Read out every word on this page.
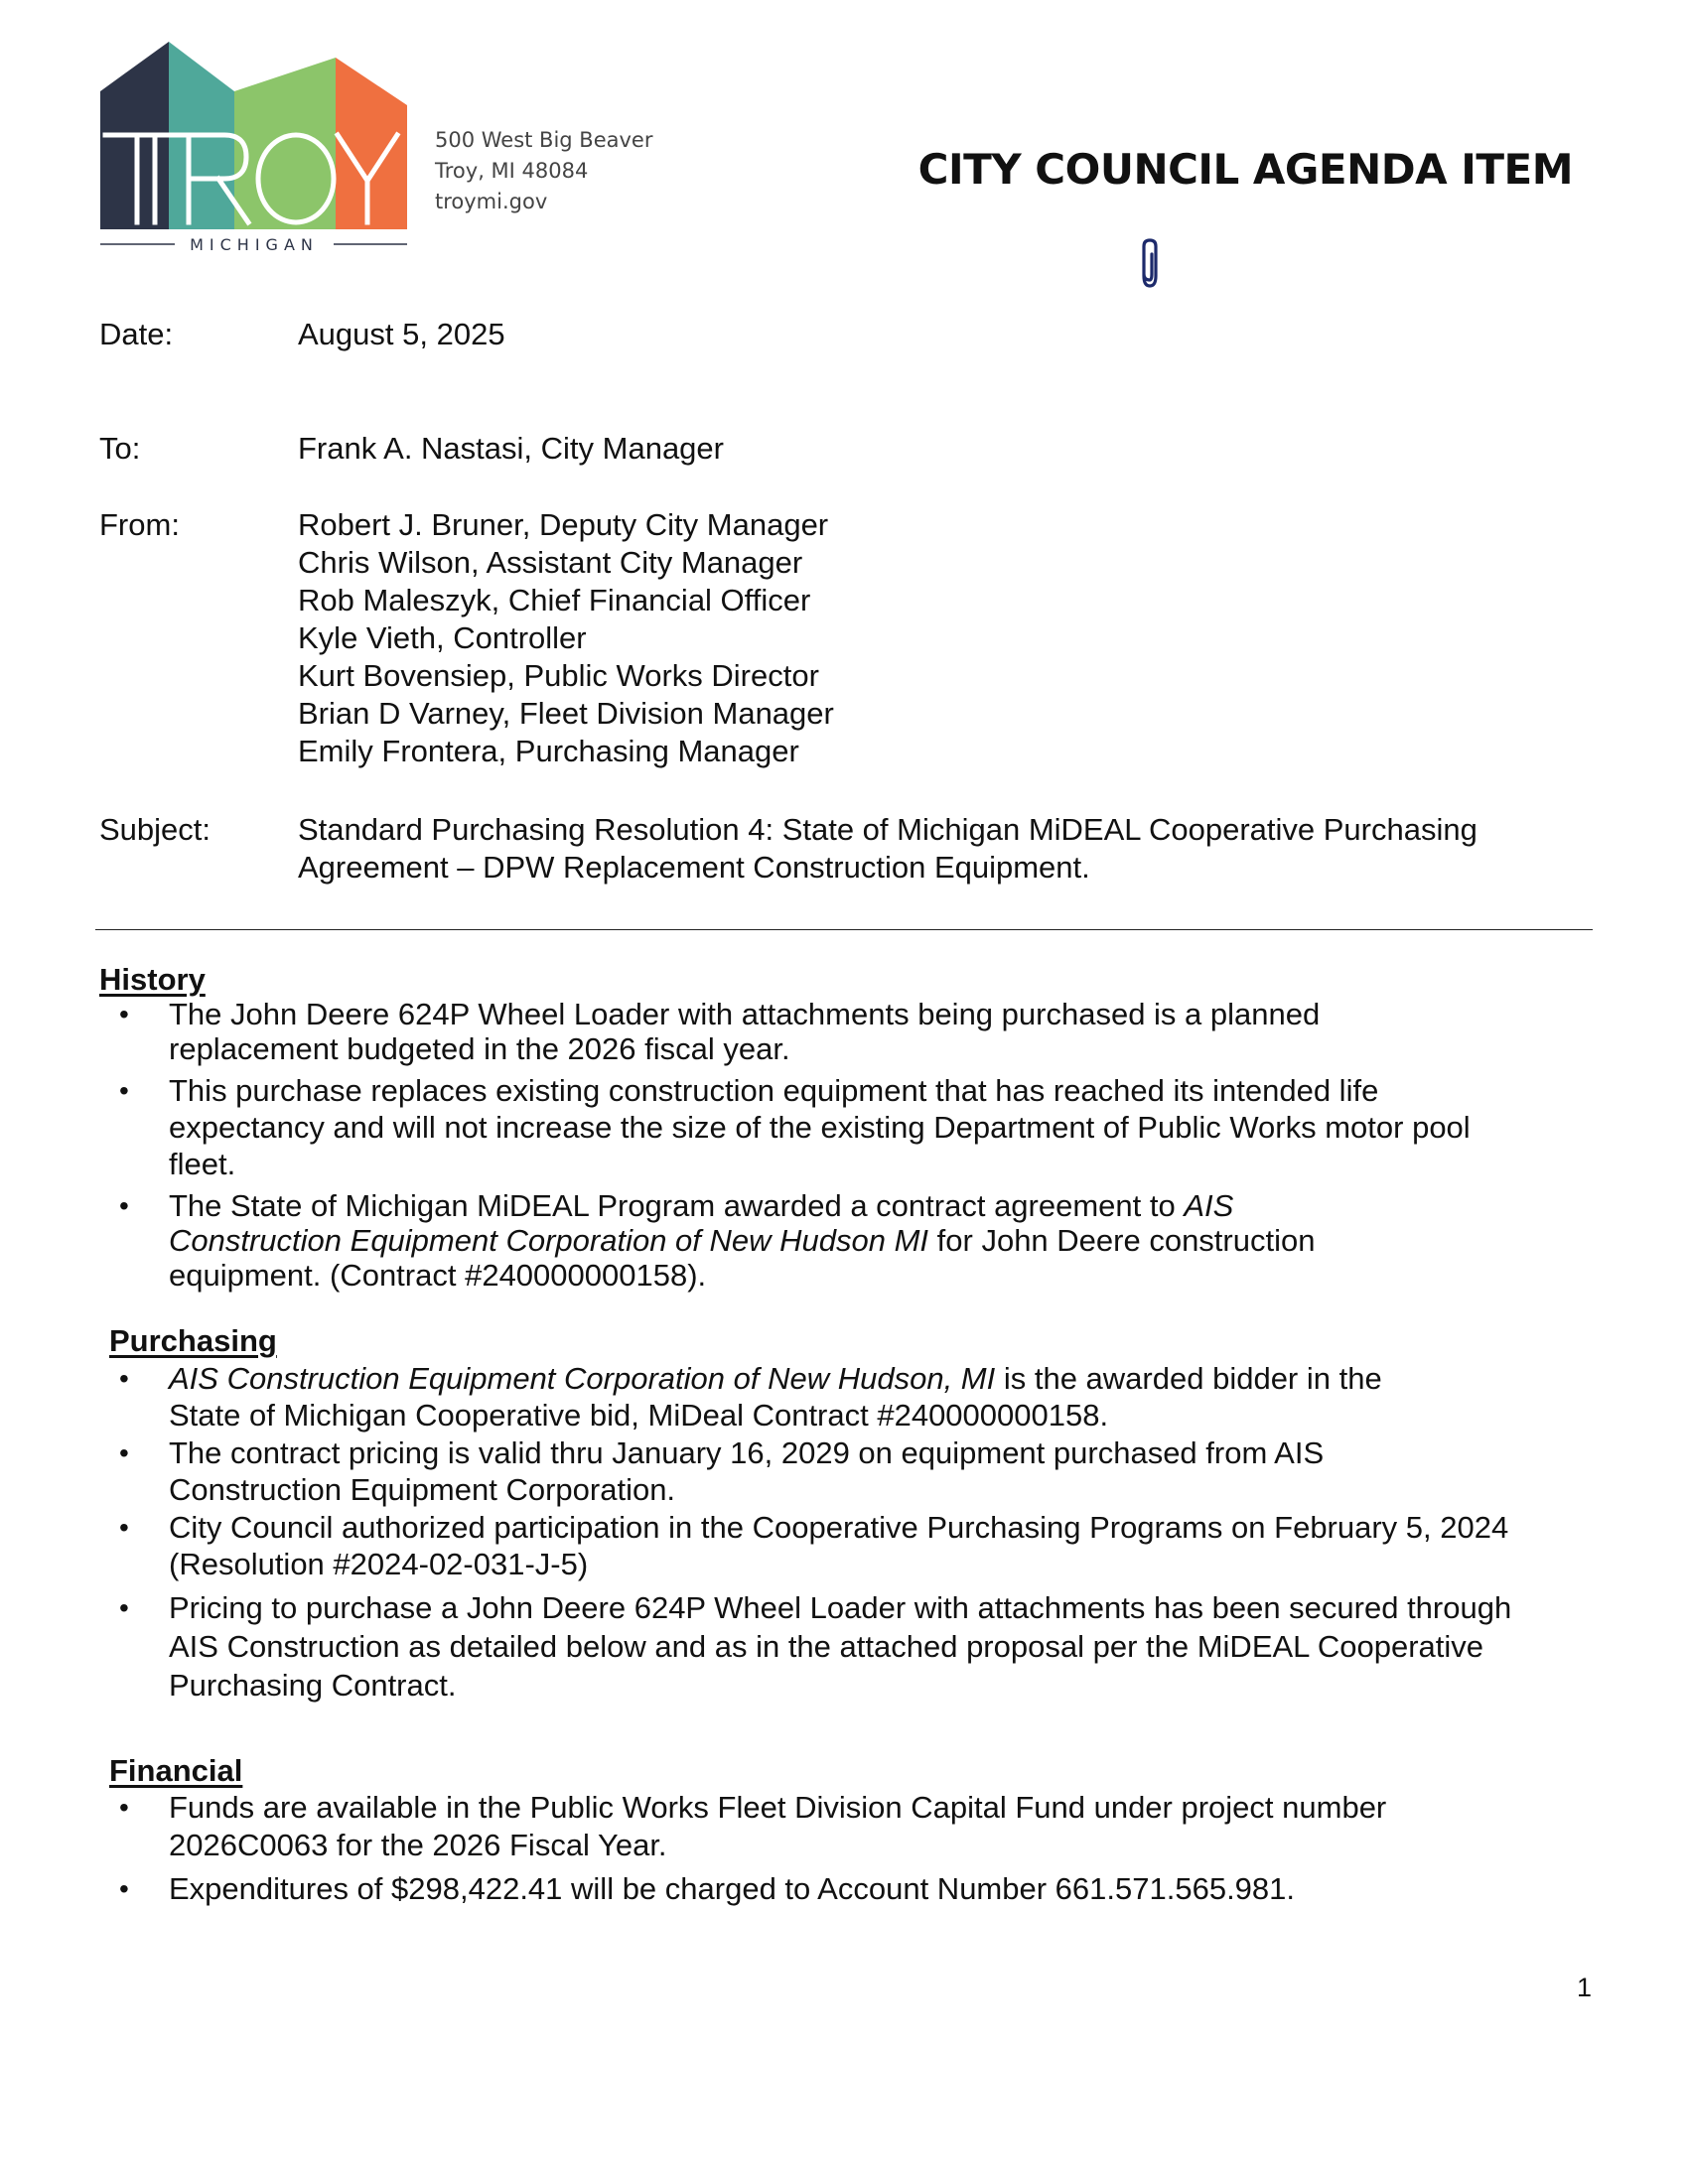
MICHIGAN
500 West Big Beaver
Troy, MI 48084
troymi.gov
CITY COUNCIL AGENDA ITEM
Date:	August 5, 2025
To:	Frank A. Nastasi, City Manager
From:	Robert J. Bruner, Deputy City Manager
Chris Wilson, Assistant City Manager
Rob Maleszyk, Chief Financial Officer
Kyle Vieth, Controller
Kurt Bovensiep, Public Works Director
Brian D Varney, Fleet Division Manager
Emily Frontera, Purchasing Manager
Subject:	Standard Purchasing Resolution 4: State of Michigan MiDEAL Cooperative Purchasing
Agreement – DPW Replacement Construction Equipment.
History
• The John Deere 624P Wheel Loader with attachments being purchased is a planned
replacement budgeted in the 2026 fiscal year.
• This purchase replaces existing construction equipment that has reached its intended life
expectancy and will not increase the size of the existing Department of Public Works motor pool
fleet.
• The State of Michigan MiDEAL Program awarded a contract agreement to AIS
Construction Equipment Corporation of New Hudson MI for John Deere construction
equipment. (Contract #240000000158).
Purchasing
• AIS Construction Equipment Corporation of New Hudson, MI is the awarded bidder in the
State of Michigan Cooperative bid, MiDeal Contract #240000000158.
• The contract pricing is valid thru January 16, 2029 on equipment purchased from AIS
Construction Equipment Corporation.
• City Council authorized participation in the Cooperative Purchasing Programs on February 5, 2024
(Resolution #2024-02-031-J-5)
• Pricing to purchase a John Deere 624P Wheel Loader with attachments has been secured through
AIS Construction as detailed below and as in the attached proposal per the MiDEAL Cooperative
Purchasing Contract.
Financial
• Funds are available in the Public Works Fleet Division Capital Fund under project number
2026C0063 for the 2026 Fiscal Year.
• Expenditures of $298,422.41 will be charged to Account Number 661.571.565.981.
1
